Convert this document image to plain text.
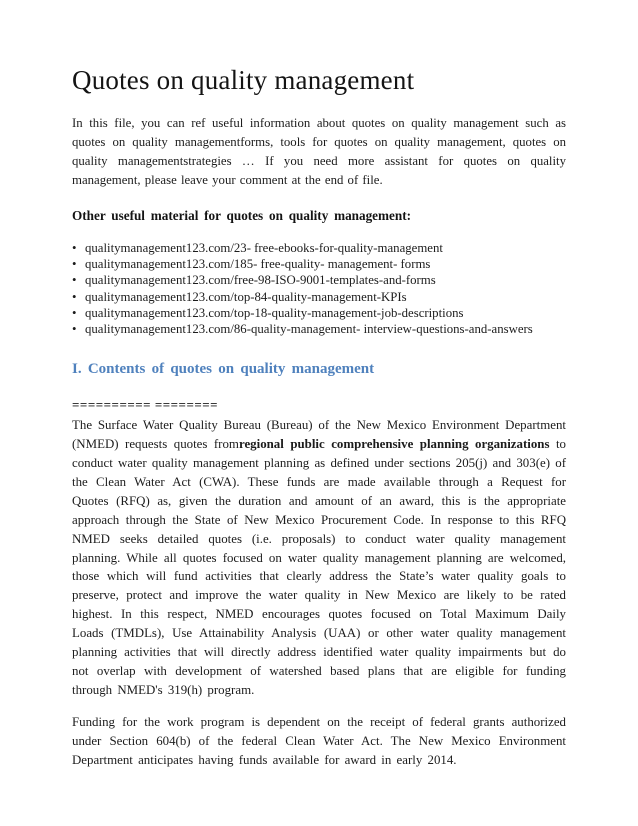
Quotes on quality management

In this file, you can ref useful information about quotes on quality management such as quotes on quality managementforms, tools for quotes on quality management, quotes on quality managementstrategies … If you need more assistant for quotes on quality management, please leave your comment at the end of file.

Other useful material for quotes on quality management:

• qualitymanagement123.com/23- free-ebooks-for-quality-management
• qualitymanagement123.com/185- free-quality- management- forms
• qualitymanagement123.com/free-98-ISO-9001-templates-and-forms
• qualitymanagement123.com/top-84-quality-management-KPIs
• qualitymanagement123.com/top-18-quality-management-job-descriptions
• qualitymanagement123.com/86-quality-management- interview-questions-and-answers
I. Contents of quotes on quality management

========== ========

The Surface Water Quality Bureau (Bureau) of the New Mexico Environment Department (NMED) requests quotes fromregional public comprehensive planning organizations to conduct water quality management planning as defined under sections 205(j) and 303(e) of the Clean Water Act (CWA). These funds are made available through a Request for Quotes (RFQ) as, given the duration and amount of an award, this is the appropriate approach through the State of New Mexico Procurement Code. In response to this RFQ NMED seeks detailed quotes (i.e. proposals) to conduct water quality management planning. While all quotes focused on water quality management planning are welcomed, those which will fund activities that clearly address the State’s water quality goals to preserve, protect and improve the water quality in New Mexico are likely to be rated highest. In this respect, NMED encourages quotes focused on Total Maximum Daily Loads (TMDLs), Use Attainability Analysis (UAA) or other water quality management planning activities that will directly address identified water quality impairments but do not overlap with development of watershed based plans that are eligible for funding through NMED's 319(h) program.

Funding for the work program is dependent on the receipt of federal grants authorized under Section 604(b) of the federal Clean Water Act. The New Mexico Environment Department anticipates having funds available for award in early 2014.
